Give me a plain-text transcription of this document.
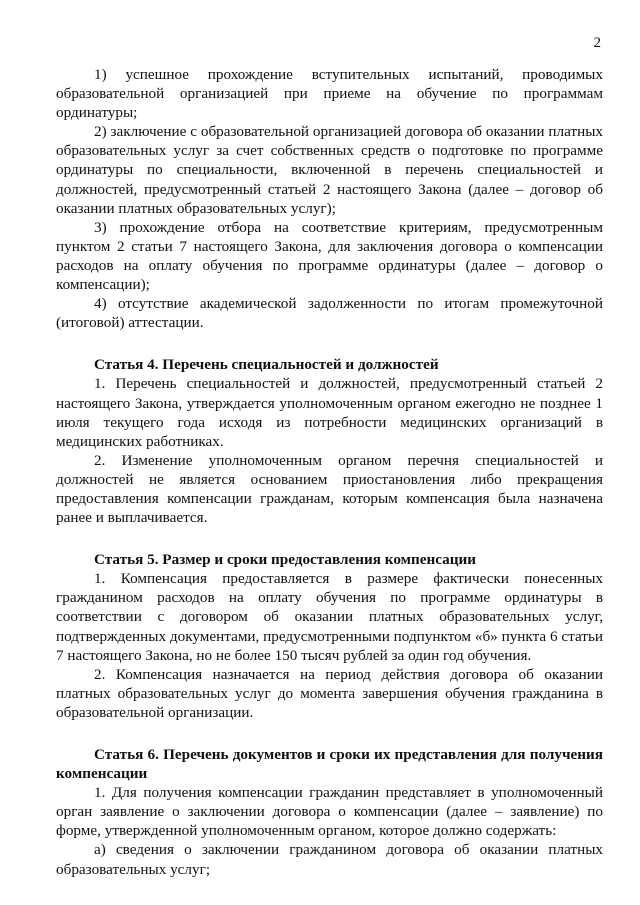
2

1) успешное прохождение вступительных испытаний, проводимых образовательной организацией при приеме на обучение по программам ординатуры;

2) заключение с образовательной организацией договора об оказании платных образовательных услуг за счет собственных средств о подготовке по программе ординатуры по специальности, включенной в перечень специальностей и должностей, предусмотренный статьей 2 настоящего Закона (далее – договор об оказании платных образовательных услуг);

3) прохождение отбора на соответствие критериям, предусмотренным пунктом 2 статьи 7 настоящего Закона, для заключения договора о компенсации расходов на оплату обучения по программе ординатуры (далее – договор о компенсации);

4) отсутствие академической задолженности по итогам промежуточной (итоговой) аттестации.

Статья 4. Перечень специальностей и должностей

1. Перечень специальностей и должностей, предусмотренный статьей 2 настоящего Закона, утверждается уполномоченным органом ежегодно не позднее 1 июля текущего года исходя из потребности медицинских организаций в медицинских работниках.

2. Изменение уполномоченным органом перечня специальностей и должностей не является основанием приостановления либо прекращения предоставления компенсации гражданам, которым компенсация была назначена ранее и выплачивается.

Статья 5. Размер и сроки предоставления компенсации

1. Компенсация предоставляется в размере фактически понесенных гражданином расходов на оплату обучения по программе ординатуры в соответствии с договором об оказании платных образовательных услуг, подтвержденных документами, предусмотренными подпунктом «б» пункта 6 статьи 7 настоящего Закона, но не более 150 тысяч рублей за один год обучения.

2. Компенсация назначается на период действия договора об оказании платных образовательных услуг до момента завершения обучения гражданина в образовательной организации.

Статья 6. Перечень документов и сроки их представления для получения компенсации

1. Для получения компенсации гражданин представляет в уполномоченный орган заявление о заключении договора о компенсации (далее – заявление) по форме, утвержденной уполномоченным органом, которое должно содержать:

а) сведения о заключении гражданином договора об оказании платных образовательных услуг;
